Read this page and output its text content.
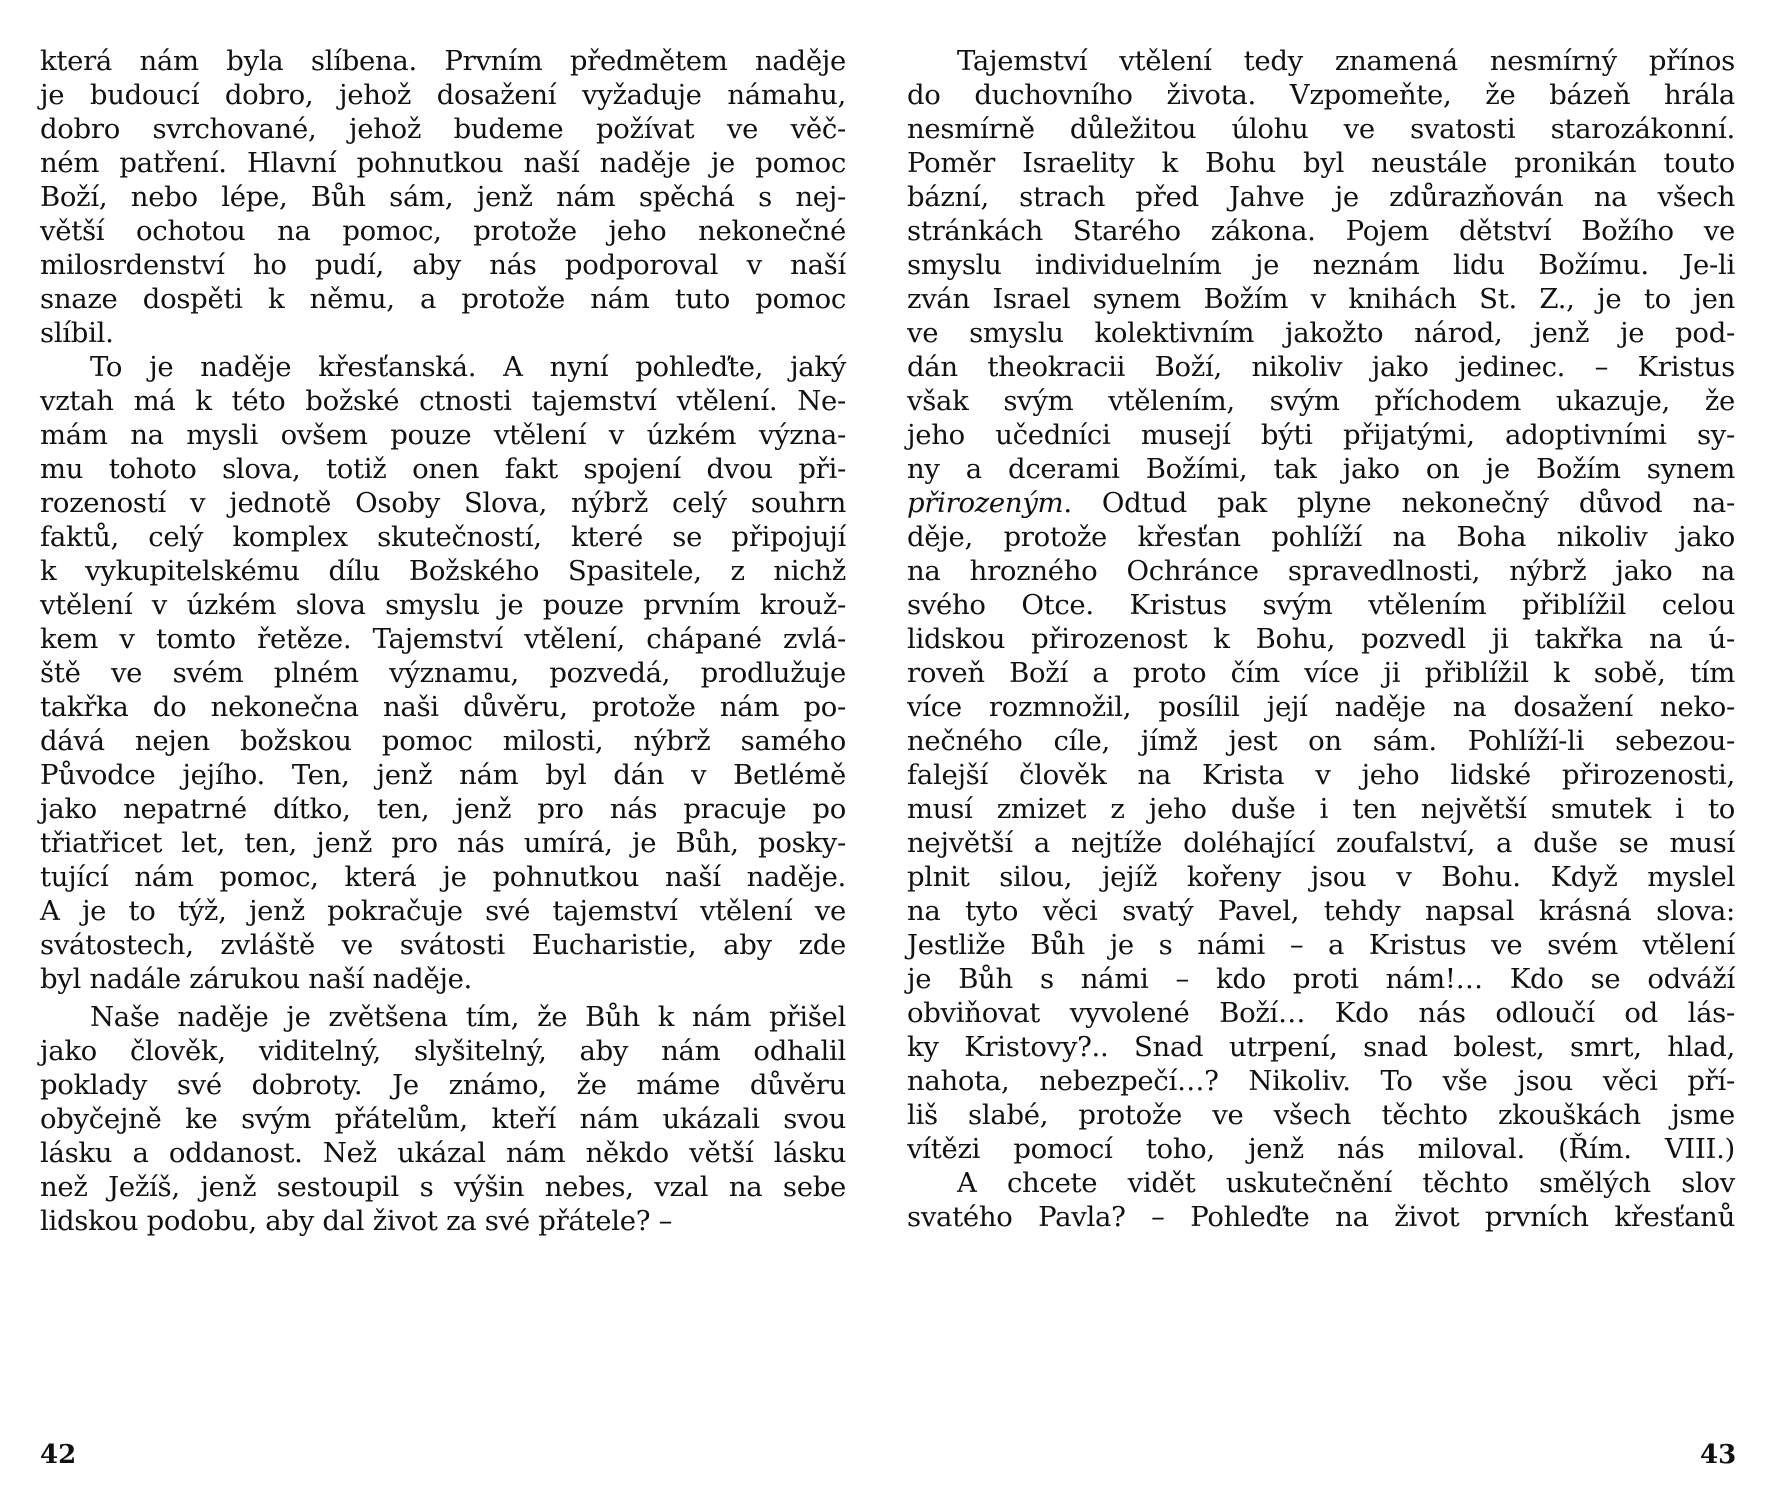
která nám byla slíbena. Prvním předmětem naděje
je budoucí dobro, jehož dosažení vyžaduje námahu,
dobro svrchované, jehož budeme požívat ve věč-
ném patření. Hlavní pohnutkou naší naděje je pomoc
Boží, nebo lépe, Bůh sám, jenž nám spěchá s nej-
větší ochotou na pomoc, protože jeho nekonečné
milosrdenství ho pudí, aby nás podporoval v naší
snaze dospěti k němu, a protože nám tuto pomoc
slíbil.
To je naděje křesťanská. A nyní pohleďte, jaký
vztah má k této božské ctnosti tajemství vtělení. Ne-
mám na mysli ovšem pouze vtělení v úzkém význa-
mu tohoto slova, totiž onen fakt spojení dvou při-
rozeností v jednotě Osoby Slova, nýbrž celý souhrn
faktů, celý komplex skutečností, které se připojují
k vykupitelskému dílu Božského Spasitele, z nichž
vtělení v úzkém slova smyslu je pouze prvním krouž-
kem v tomto řetěze. Tajemství vtělení, chápané zvlá-
ště ve svém plném významu, pozvedá, prodlužuje
takřka do nekonečna naši důvěru, protože nám po-
dává nejen božskou pomoc milosti, nýbrž samého
Původce jejího. Ten, jenž nám byl dán v Betlémě
jako nepatrné dítko, ten, jenž pro nás pracuje po
třiatřicet let, ten, jenž pro nás umírá, je Bůh, posky-
tující nám pomoc, která je pohnutkou naší naděje.
A je to týž, jenž pokračuje své tajemství vtělení ve
svátostech, zvláště ve svátosti Eucharistie, aby zde
byl nadále zárukou naší naděje.
Naše naděje je zvětšena tím, že Bůh k nám přišel
jako člověk, viditelný, slyšitelný, aby nám odhalil
poklady své dobroty. Je známo, že máme důvěru
obyčejně ke svým přátelům, kteří nám ukázali svou
lásku a oddanost. Než ukázal nám někdo větší lásku
než Ježíš, jenž sestoupil s výšin nebes, vzal na sebe
lidskou podobu, aby dal život za své přátele? –
Tajemství vtělení tedy znamená nesmírný přínos
do duchovního života. Vzpomeňte, že bázeň hrála
nesmírně důležitou úlohu ve svatosti starozákonní.
Poměr Israelity k Bohu byl neustále pronikán touto
bázní, strach před Jahve je zdůrazňován na všech
stránkách Starého zákona. Pojem dětství Božího ve
smyslu individuelním je neznám lidu Božímu. Je-li
zván Israel synem Božím v knihách St. Z., je to jen
ve smyslu kolektivním jakožto národ, jenž je pod-
dán theokracii Boží, nikoliv jako jedinec. – Kristus
však svým vtělením, svým příchodem ukazuje, že
jeho učedníci musejí býti přijatými, adoptivními sy-
ny a dcerami Božími, tak jako on je Božím synem
přirozeným. Odtud pak plyne nekonečný důvod na-
děje, protože křesťan pohlíží na Boha nikoliv jako
na hrozného Ochránce spravedlnosti, nýbrž jako na
svého Otce. Kristus svým vtělením přiblížil celou
lidskou přirozenost k Bohu, pozvedl ji takřka na ú-
roveň Boží a proto čím více ji přiblížil k sobě, tím
více rozmnožil, posílil její naděje na dosažení neko-
nečného cíle, jímž jest on sám. Pohlíží-li sebezou-
falejší člověk na Krista v jeho lidské přirozenosti,
musí zmizet z jeho duše i ten největší smutek i to
největší a nejtíže doléhající zoufalství, a duše se musí
plnit silou, jejíž kořeny jsou v Bohu. Když myslel
na tyto věci svatý Pavel, tehdy napsal krásná slova:
Jestliže Bůh je s námi – a Kristus ve svém vtělení
je Bůh s námi – kdo proti nám!… Kdo se odváží
obviňovat vyvolené Boží… Kdo nás odloučí od lás-
ky Kristovy?.. Snad utrpení, snad bolest, smrt, hlad,
nahota, nebezpečí…? Nikoliv. To vše jsou věci pří-
liš slabé, protože ve všech těchto zkouškách jsme
vítězi pomocí toho, jenž nás miloval. (Řím. VIII.)
A chcete vidět uskutečnění těchto smělých slov
svatého Pavla? – Pohleďte na život prvních křesťanů
42	43
